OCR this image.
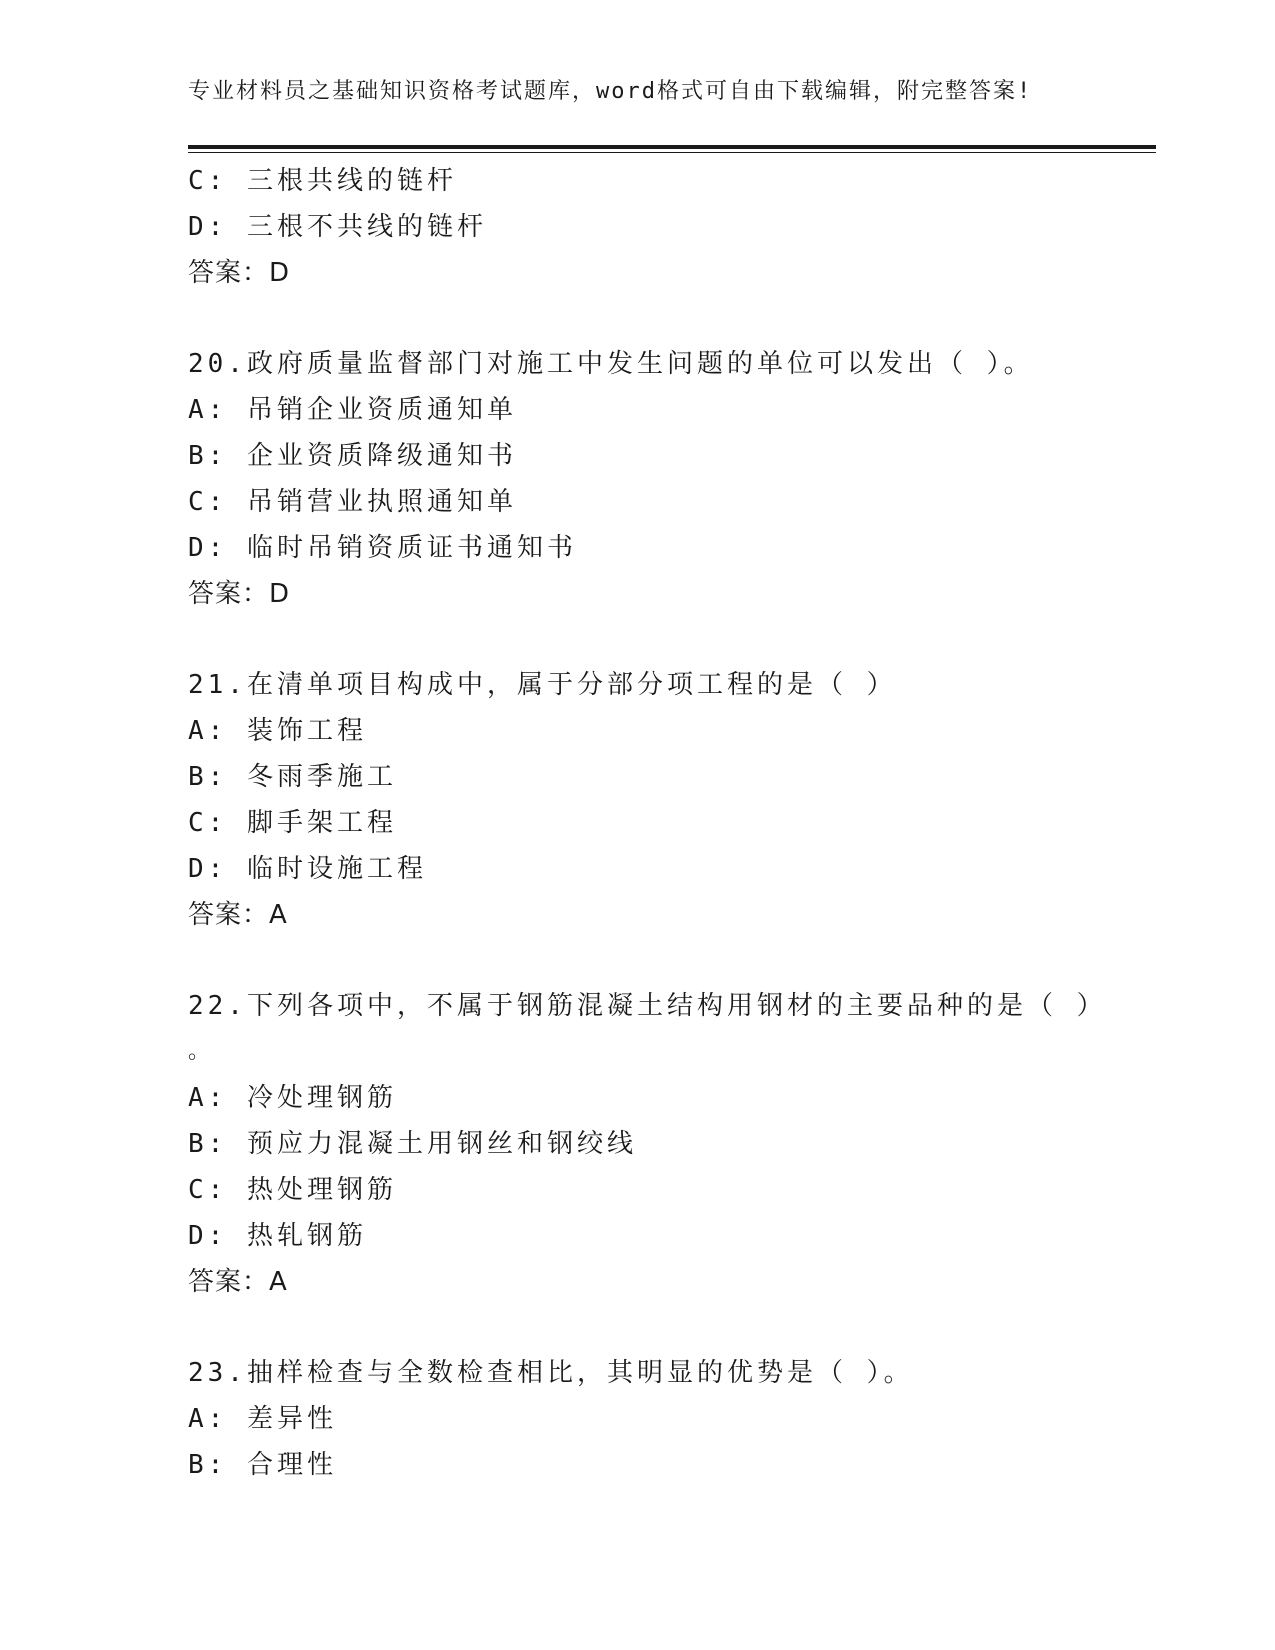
专业材料员之基础知识资格考试题库，word格式可自由下载编辑，附完整答案!
C: 三根共线的链杆
D: 三根不共线的链杆
答案：D
20.政府质量监督部门对施工中发生问题的单位可以发出（ ）。
A: 吊销企业资质通知单
B: 企业资质降级通知书
C: 吊销营业执照通知单
D: 临时吊销资质证书通知书
答案：D
21.在清单项目构成中，属于分部分项工程的是（ ）
A: 装饰工程
B: 冬雨季施工
C: 脚手架工程
D: 临时设施工程
答案：A
22.下列各项中，不属于钢筋混凝土结构用钢材的主要品种的是（ ）
。
A: 冷处理钢筋
B: 预应力混凝土用钢丝和钢绞线
C: 热处理钢筋
D: 热轧钢筋
答案：A
23.抽样检查与全数检查相比，其明显的优势是（ ）。
A: 差异性
B: 合理性
